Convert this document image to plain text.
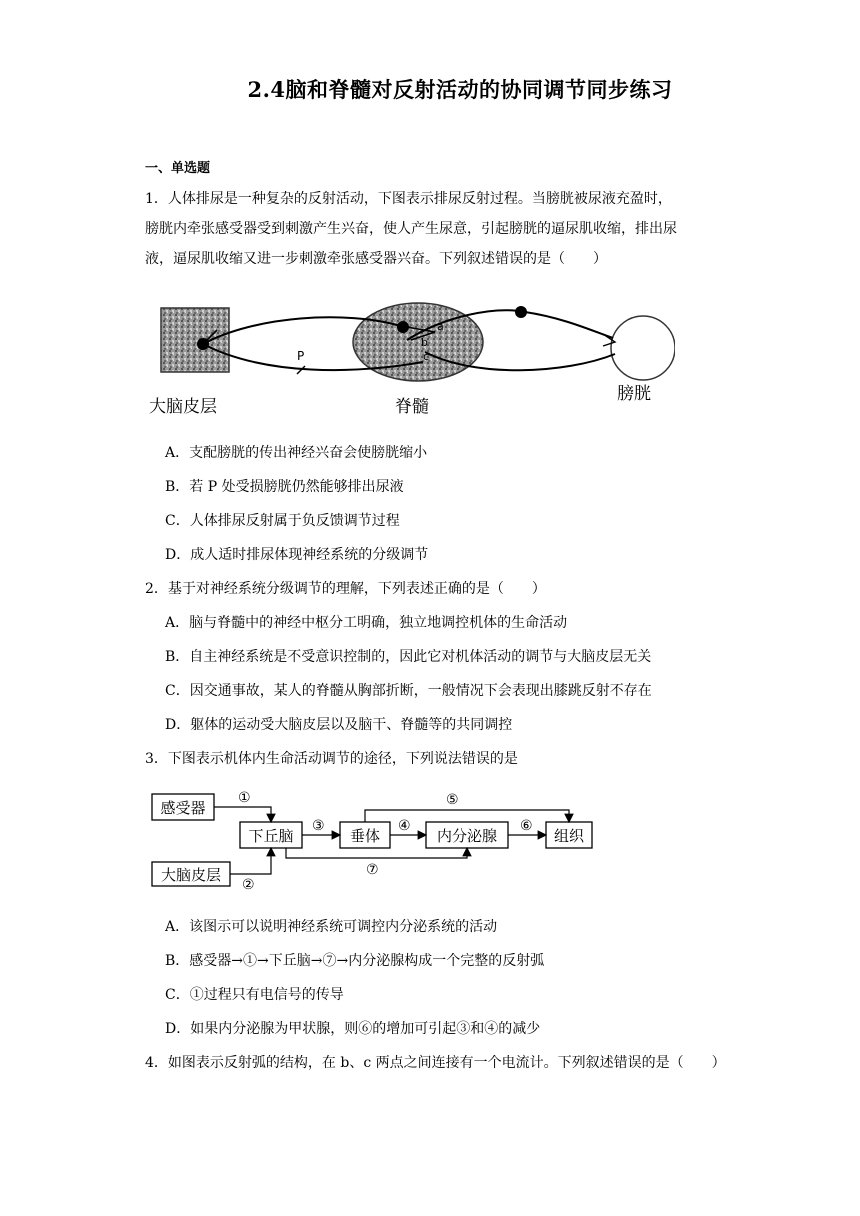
2.4脑和脊髓对反射活动的协同调节同步练习
一、单选题
1．人体排尿是一种复杂的反射活动，下图表示排尿反射过程。当膀胱被尿液充盈时，
膀胱内牵张感受器受到刺激产生兴奋，使人产生尿意，引起膀胱的逼尿肌收缩，排出尿
液，逼尿肌收缩又进一步刺激牵张感受器兴奋。下列叙述错误的是（　　）
P
a
b
c
大脑皮层	脊髓
膀胱
A．支配膀胱的传出神经兴奋会使膀胱缩小
B．若 P 处受损膀胱仍然能够排出尿液
C．人体排尿反射属于负反馈调节过程
D．成人适时排尿体现神经系统的分级调节
2．基于对神经系统分级调节的理解，下列表述正确的是（　　）
A．脑与脊髓中的神经中枢分工明确，独立地调控机体的生命活动
B．自主神经系统是不受意识控制的，因此它对机体活动的调节与大脑皮层无关
C．因交通事故，某人的脊髓从胸部折断，一般情况下会表现出膝跳反射不存在
D．躯体的运动受大脑皮层以及脑干、脊髓等的共同调控
3．下图表示机体内生命活动调节的途径，下列说法错误的是
感受器
下丘脑	垂体	内分泌腺	组织
大脑皮层
①
②
③	④
⑤
⑥
⑦
A．该图示可以说明神经系统可调控内分泌系统的活动
B．感受器→①→下丘脑→⑦→内分泌腺构成一个完整的反射弧
C．①过程只有电信号的传导
D．如果内分泌腺为甲状腺，则⑥的增加可引起③和④的减少
4．如图表示反射弧的结构，在 b、c 两点之间连接有一个电流计。下列叙述错误的是（　　）
